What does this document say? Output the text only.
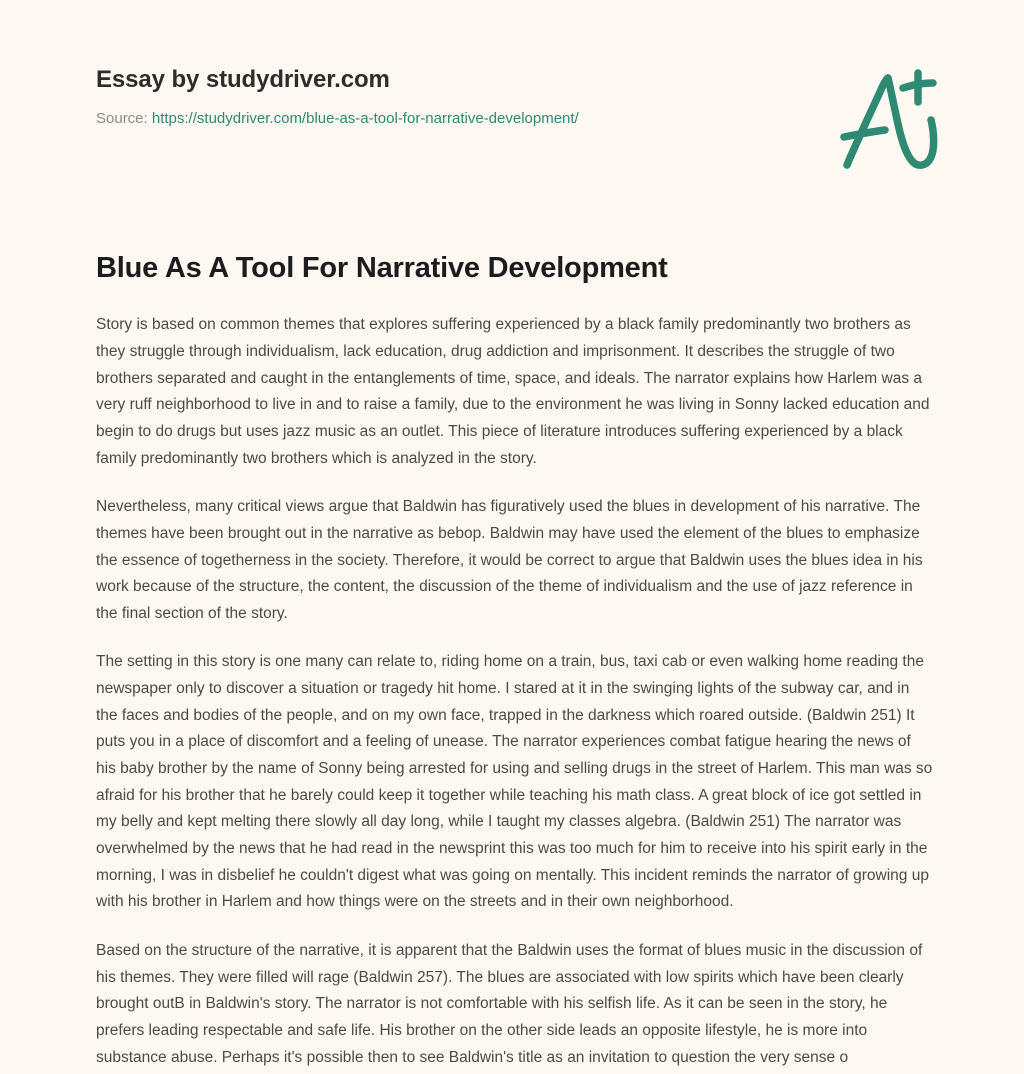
Essay by studydriver.com
Source: https://studydriver.com/blue-as-a-tool-for-narrative-development/
Blue As A Tool For Narrative Development

Story is based on common themes that explores suffering experienced by a black family predominantly two brothers as they struggle through individualism, lack education, drug addiction and imprisonment. It describes the struggle of two brothers separated and caught in the entanglements of time, space, and ideals. The narrator explains how Harlem was a very ruff neighborhood to live in and to raise a family, due to the environment he was living in Sonny lacked education and begin to do drugs but uses jazz music as an outlet. This piece of literature introduces suffering experienced by a black family predominantly two brothers which is analyzed in the story.

Nevertheless, many critical views argue that Baldwin has figuratively used the blues in development of his narrative. The themes have been brought out in the narrative as bebop. Baldwin may have used the element of the blues to emphasize the essence of togetherness in the society. Therefore, it would be correct to argue that Baldwin uses the blues idea in his work because of the structure, the content, the discussion of the theme of individualism and the use of jazz reference in the final section of the story.

The setting in this story is one many can relate to, riding home on a train, bus, taxi cab or even walking home reading the newspaper only to discover a situation or tragedy hit home. I stared at it in the swinging lights of the subway car, and in the faces and bodies of the people, and on my own face, trapped in the darkness which roared outside. (Baldwin 251) It puts you in a place of discomfort and a feeling of unease. The narrator experiences combat fatigue hearing the news of his baby brother by the name of Sonny being arrested for using and selling drugs in the street of Harlem. This man was so afraid for his brother that he barely could keep it together while teaching his math class. A great block of ice got settled in my belly and kept melting there slowly all day long, while I taught my classes algebra. (Baldwin 251) The narrator was overwhelmed by the news that he had read in the newsprint this was too much for him to receive into his spirit early in the morning, I was in disbelief he couldn't digest what was going on mentally. This incident reminds the narrator of growing up with his brother in Harlem and how things were on the streets and in their own neighborhood.

Based on the structure of the narrative, it is apparent that the Baldwin uses the format of blues music in the discussion of his themes. They were filled will rage (Baldwin 257). The blues are associated with low spirits which have been clearly brought outB in Baldwin's story. The narrator is not comfortable with his selfish life. As it can be seen in the story, he prefers leading respectable and safe life. His brother on the other side leads an opposite lifestyle, he is more into substance abuse. Perhaps it's possible then to see Baldwin's title as an invitation to question the very sense o
